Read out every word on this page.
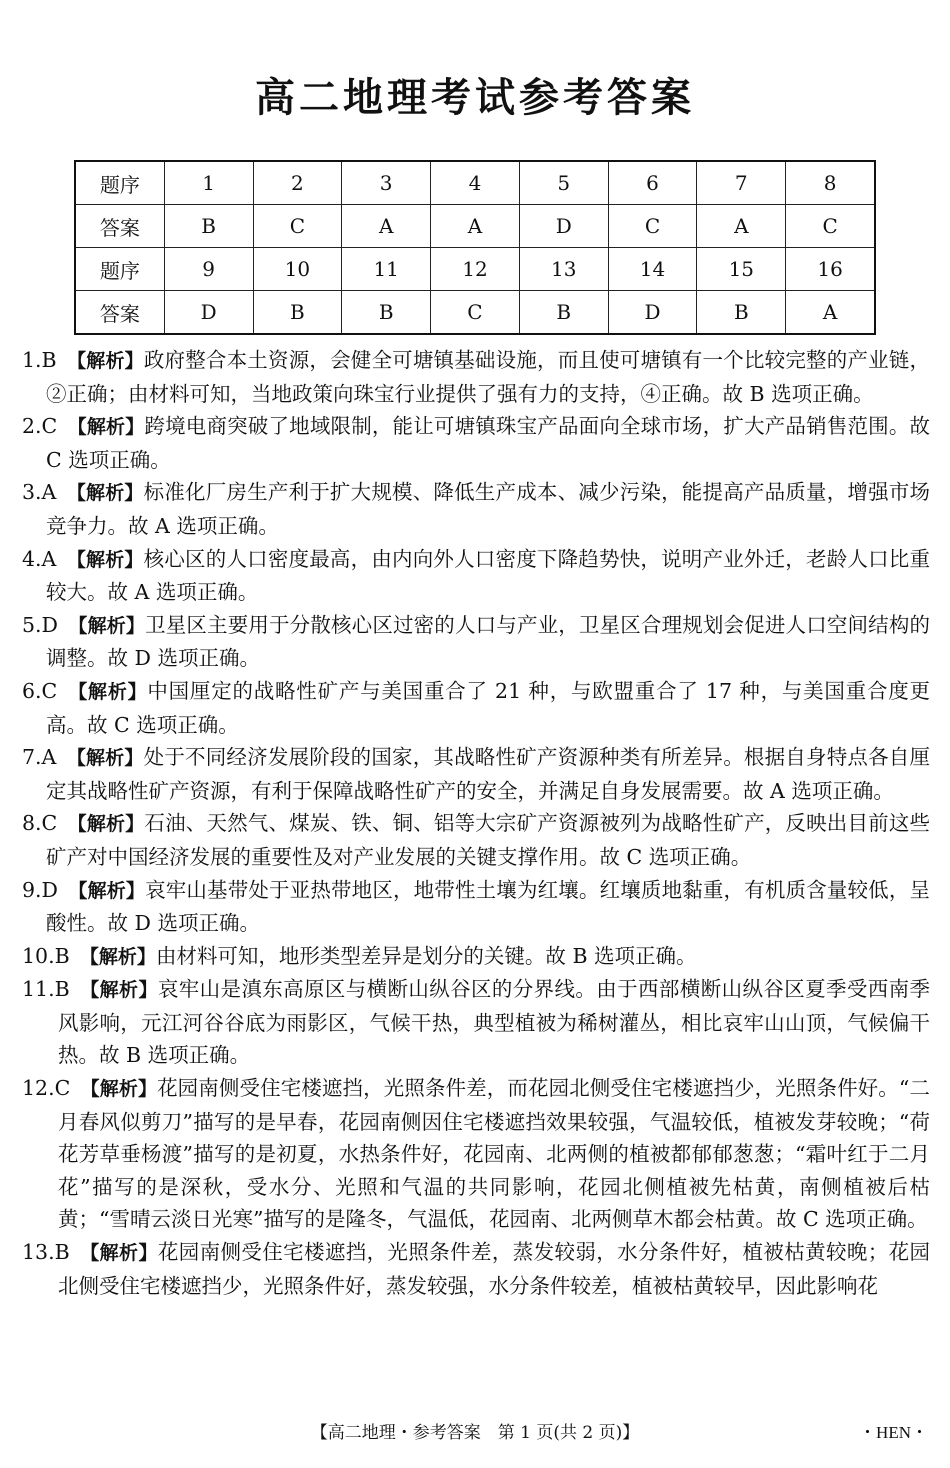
高二地理考试参考答案
题序	1	2	3	4	5	6	7	8
答案	B	C	A	A	D	C	A	C
题序	9	10	11	12	13	14	15	16
答案	D	B	B	C	B	D	B	A
1.B  【解析】政府整合本土资源，会健全可塘镇基础设施，而且使可塘镇有一个比较完整的产业链，②正确；由材料可知，当地政策向珠宝行业提供了强有力的支持，④正确。故 B 选项正确。
2.C  【解析】跨境电商突破了地域限制，能让可塘镇珠宝产品面向全球市场，扩大产品销售范围。故 C 选项正确。
3.A  【解析】标准化厂房生产利于扩大规模、降低生产成本、减少污染，能提高产品质量，增强市场竞争力。故 A 选项正确。
4.A  【解析】核心区的人口密度最高，由内向外人口密度下降趋势快，说明产业外迁，老龄人口比重较大。故 A 选项正确。
5.D  【解析】卫星区主要用于分散核心区过密的人口与产业，卫星区合理规划会促进人口空间结构的调整。故 D 选项正确。
6.C  【解析】中国厘定的战略性矿产与美国重合了 21 种，与欧盟重合了 17 种，与美国重合度更高。故 C 选项正确。
7.A  【解析】处于不同经济发展阶段的国家，其战略性矿产资源种类有所差异。根据自身特点各自厘定其战略性矿产资源，有利于保障战略性矿产的安全，并满足自身发展需要。故 A 选项正确。
8.C  【解析】石油、天然气、煤炭、铁、铜、铝等大宗矿产资源被列为战略性矿产，反映出目前这些矿产对中国经济发展的重要性及对产业发展的关键支撑作用。故 C 选项正确。
9.D  【解析】哀牢山基带处于亚热带地区，地带性土壤为红壤。红壤质地黏重，有机质含量较低，呈酸性。故 D 选项正确。
10.B  【解析】由材料可知，地形类型差异是划分的关键。故 B 选项正确。
11.B  【解析】哀牢山是滇东高原区与横断山纵谷区的分界线。由于西部横断山纵谷区夏季受西南季风影响，元江河谷谷底为雨影区，气候干热，典型植被为稀树灌丛，相比哀牢山山顶，气候偏干热。故 B 选项正确。
12.C  【解析】花园南侧受住宅楼遮挡，光照条件差，而花园北侧受住宅楼遮挡少，光照条件好。“二月春风似剪刀”描写的是早春，花园南侧因住宅楼遮挡效果较强，气温较低，植被发芽较晚；“荷花芳草垂杨渡”描写的是初夏，水热条件好，花园南、北两侧的植被都郁郁葱葱；“霜叶红于二月花”描写的是深秋，受水分、光照和气温的共同影响，花园北侧植被先枯黄，南侧植被后枯黄；“雪晴云淡日光寒”描写的是隆冬，气温低，花园南、北两侧草木都会枯黄。故 C 选项正确。
13.B  【解析】花园南侧受住宅楼遮挡，光照条件差，蒸发较弱，水分条件好，植被枯黄较晚；花园北侧受住宅楼遮挡少，光照条件好，蒸发较强，水分条件较差，植被枯黄较早，因此影响花
【高二地理・参考答案　第 1 页(共 2 页)】	・HEN・
